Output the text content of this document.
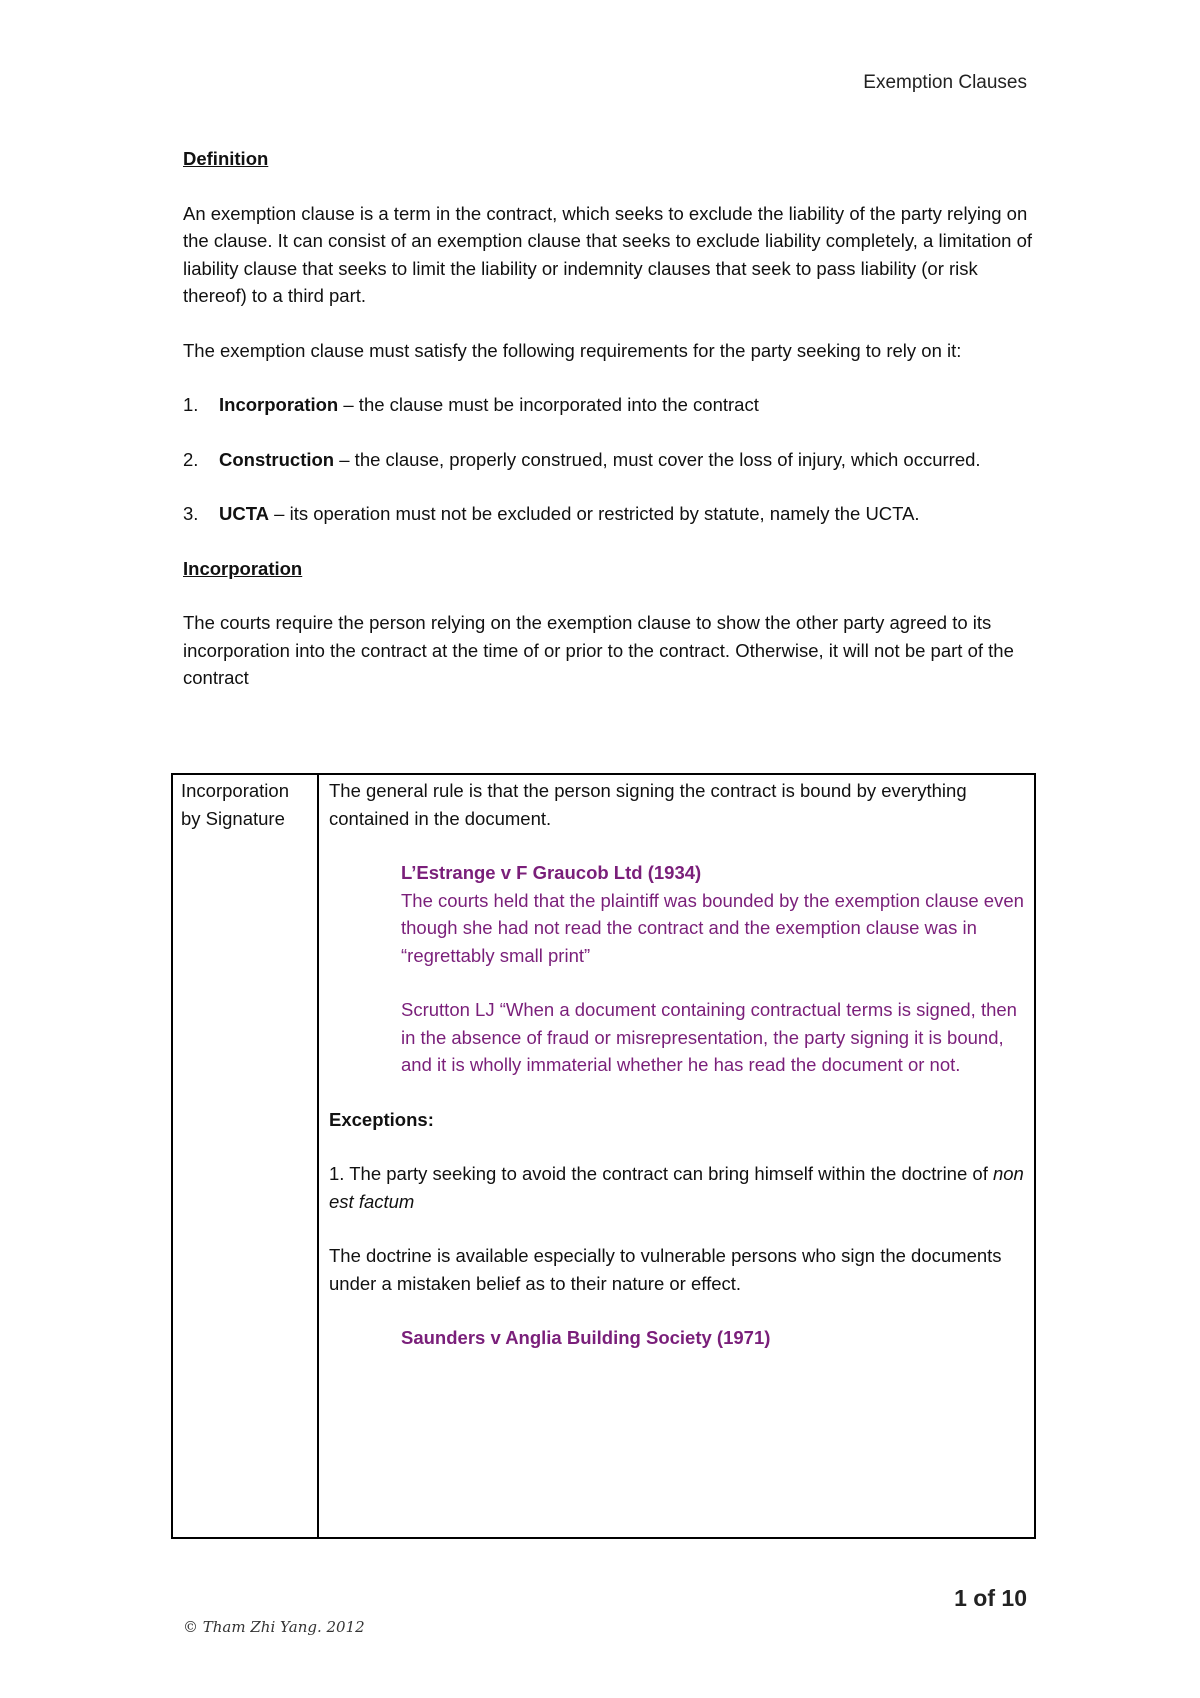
Exemption Clauses
Definition

An exemption clause is a term in the contract, which seeks to exclude the liability of the party relying on the clause. It can consist of an exemption clause that seeks to exclude liability completely, a limitation of liability clause that seeks to limit the liability or indemnity clauses that seek to pass liability (or risk thereof) to a third part.

The exemption clause must satisfy the following requirements for the party seeking to rely on it:

1. Incorporation – the clause must be incorporated into the contract
2. Construction – the clause, properly construed, must cover the loss of injury, which occurred.
3. UCTA – its operation must not be excluded or restricted by statute, namely the UCTA.
Incorporation

The courts require the person relying on the exemption clause to show the other party agreed to its incorporation into the contract at the time of or prior to the contract. Otherwise, it will not be part of the contract

Incorporation by Signature

The general rule is that the person signing the contract is bound by everything contained in the document.

L’Estrange v F Graucob Ltd (1934)
The courts held that the plaintiff was bounded by the exemption clause even though she had not read the contract and the exemption clause was in “regrettably small print”
Scrutton LJ “When a document containing contractual terms is signed, then in the absence of fraud or misrepresentation, the party signing it is bound, and it is wholly immaterial whether he has read the document or not.

Exceptions:

1. The party seeking to avoid the contract can bring himself within the doctrine of non est factum

The doctrine is available especially to vulnerable persons who sign the documents under a mistaken belief as to their nature or effect.

Saunders v Anglia Building Society (1971)
1 of 10
© Tham Zhi Yang. 2012
